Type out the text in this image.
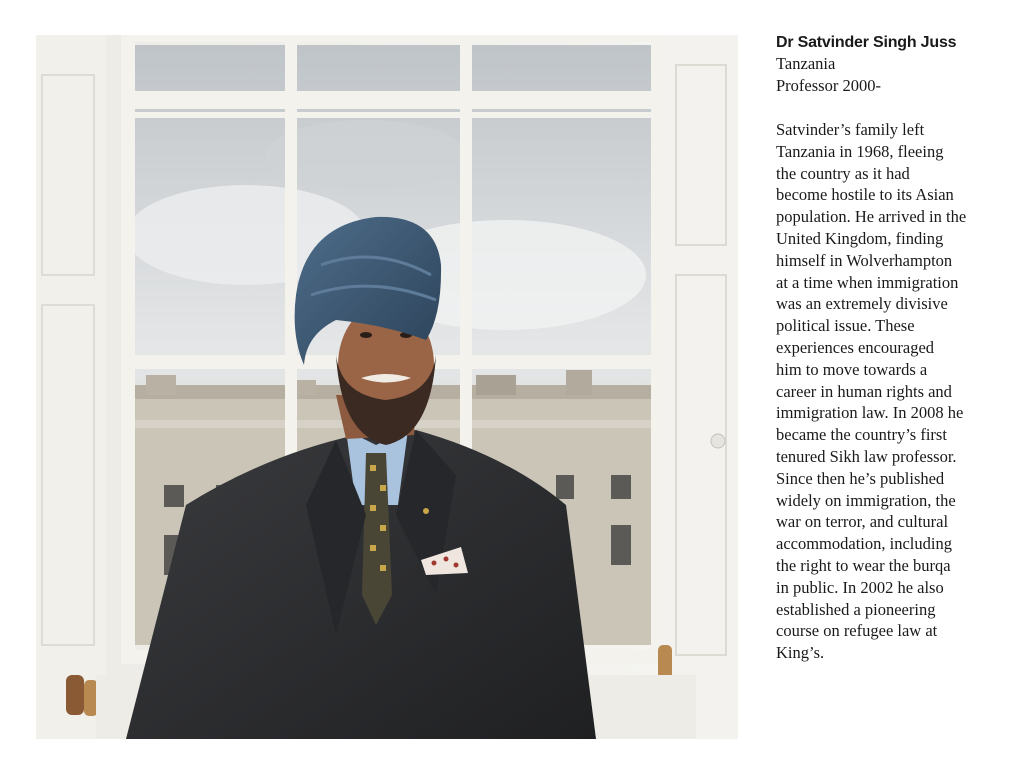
Dr Satvinder Singh Juss

Tanzania

Professor 2000-

Satvinder’s family left
Tanzania in 1968, fleeing
the country as it had
become hostile to its Asian
population. He arrived in the
United Kingdom, finding
himself in Wolverhampton
at a time when immigration
was an extremely divisive
political issue. These
experiences encouraged
him to move towards a
career in human rights and
immigration law. In 2008 he
became the country’s first
tenured Sikh law professor.
Since then he’s published
widely on immigration, the
war on terror, and cultural
accommodation, including
the right to wear the burqa
in public. In 2002 he also
established a pioneering
course on refugee law at
King’s.
